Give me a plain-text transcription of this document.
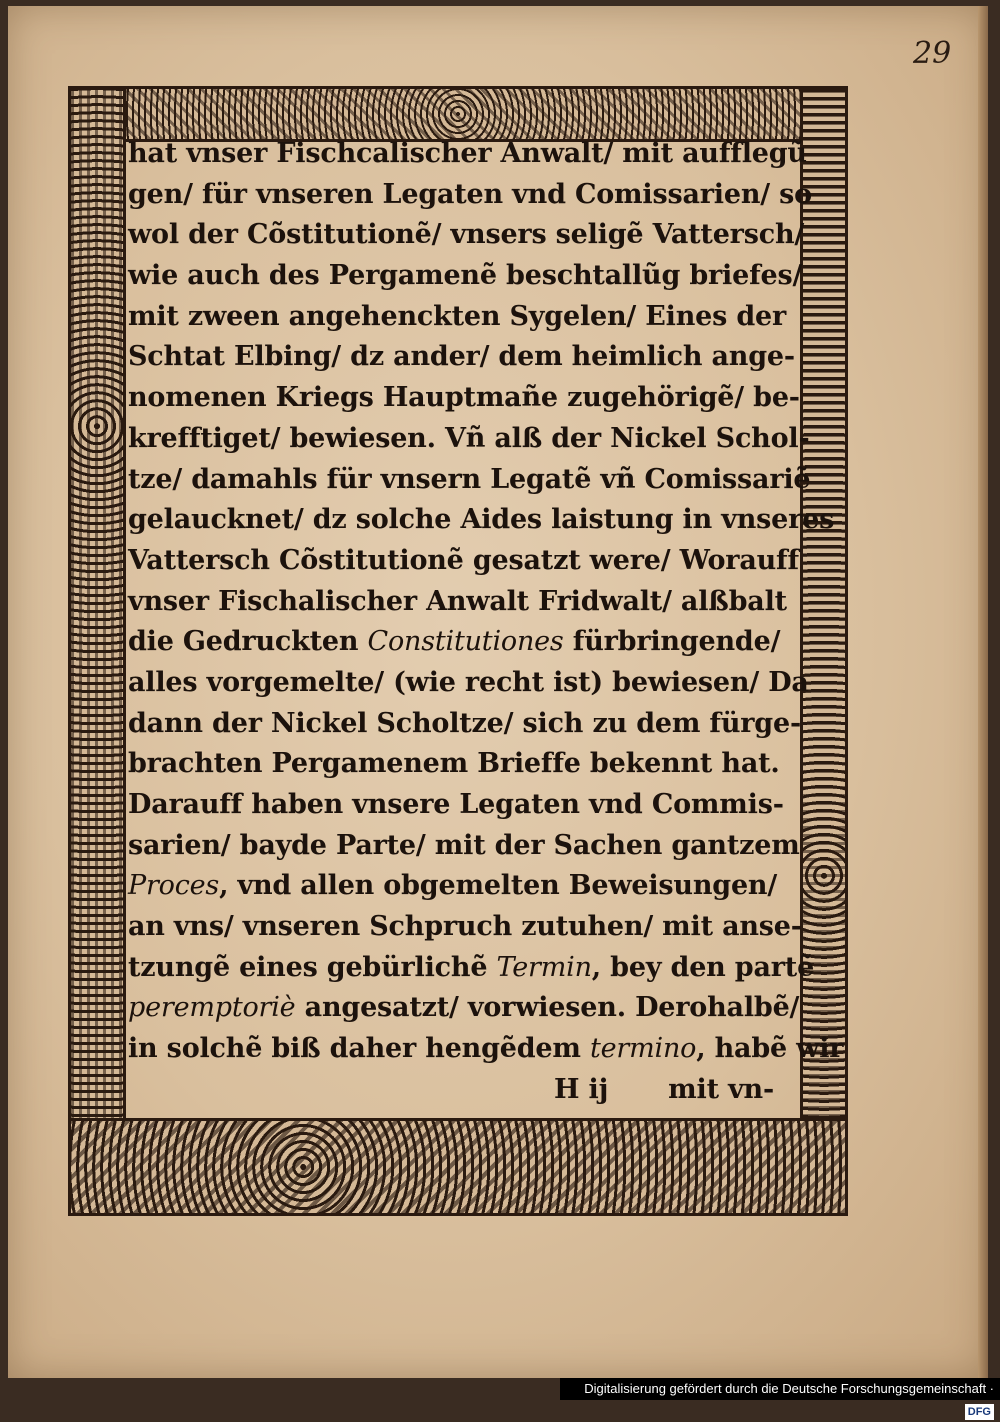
29
hat vnser Fischcalischer Anwalt/ mit aufflegũ
gen/ für vnseren Legaten vnd Comissarien/ so
wol der Cõstitutionẽ/ vnsers seligẽ Vattersch/
wie auch des Pergamenẽ beschtallũg briefes/
mit zween angehenckten Sygelen/ Eines der
Schtat Elbing/ dz ander/ dem heimlich ange-
nomenen Kriegs Hauptmañe zugehörigẽ/ be-
krefftiget/ bewiesen. Vñ alß der Nickel Schol-
tze/ damahls für vnsern Legatẽ vñ Comissariẽ
gelaucknet/ dz solche Aides laistung in vnseres
Vattersch Cõstitutionẽ gesatzt were/ Worauff
vnser Fischalischer Anwalt Fridwalt/ alßbalt
die Gedruckten Constitutiones fürbringende/
alles vorgemelte/ (wie recht ist) bewiesen/ Da
dann der Nickel Scholtze/ sich zu dem fürge-
brachten Pergamenem Brieffe bekennt hat.
Darauff haben vnsere Legaten vnd Commis-
sarien/ bayde Parte/ mit der Sachen gantzem
Proces, vnd allen obgemelten Beweisungen/
an vns/ vnseren Schpruch zutuhen/ mit anse-
tzungẽ eines gebürlichẽ Termin, bey den partẽ
peremptoriè angesatzt/ vorwiesen. Derohalbẽ/
in solchẽ biß daher hengẽdem termino, habẽ wir
H ij mit vn-
Digitalisierung gefördert durch die Deutsche Forschungsgemeinschaft ·DFG
